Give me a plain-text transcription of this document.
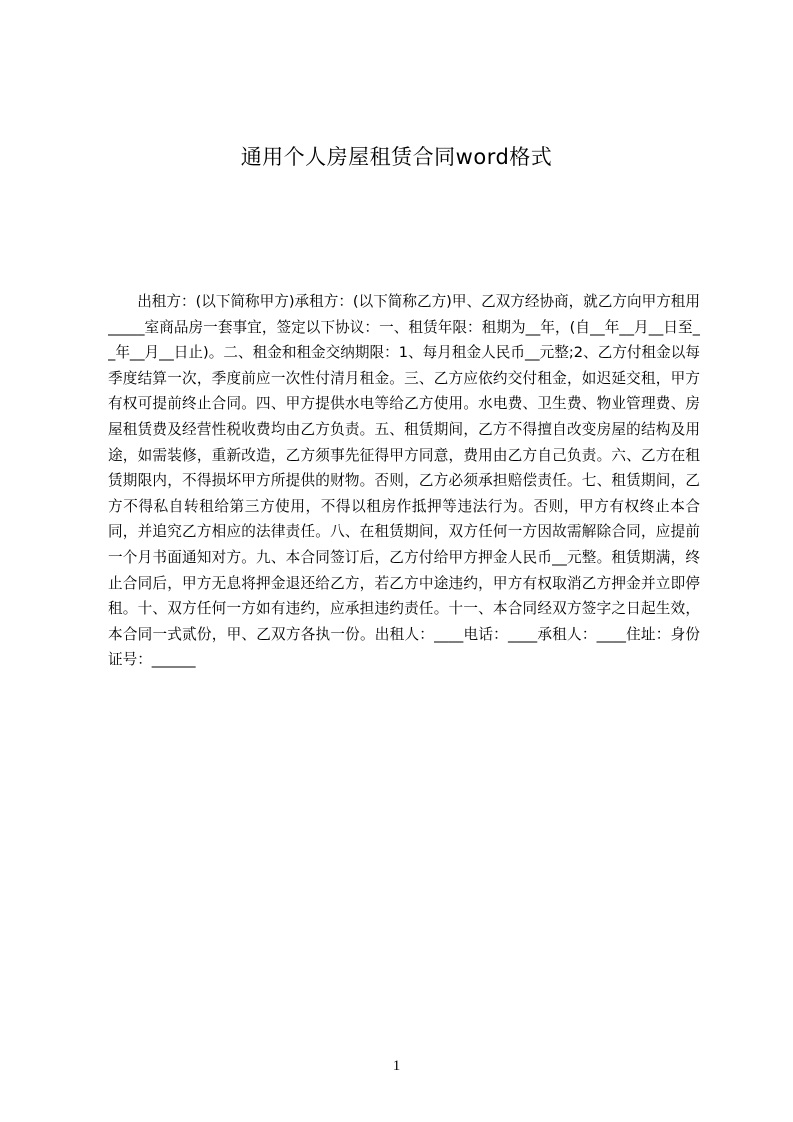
通用个人房屋租赁合同word格式

出租方：(以下简称甲方)承租方：(以下简称乙方)甲、乙双方经协商，就乙方向甲方租用_____室商品房一套事宜，签定以下协议：一、租赁年限：租期为__年，(自__年__月__日至__年__月__日止)。二、租金和租金交纳期限：1、每月租金人民币__元整;2、乙方付租金以每季度结算一次，季度前应一次性付清月租金。三、乙方应依约交付租金，如迟延交租，甲方有权可提前终止合同。四、甲方提供水电等给乙方使用。水电费、卫生费、物业管理费、房屋租赁费及经营性税收费均由乙方负责。五、租赁期间，乙方不得擅自改变房屋的结构及用途，如需装修，重新改造，乙方须事先征得甲方同意，费用由乙方自己负责。六、乙方在租赁期限内，不得损坏甲方所提供的财物。否则，乙方必须承担赔偿责任。七、租赁期间，乙方不得私自转租给第三方使用，不得以租房作抵押等违法行为。否则，甲方有权终止本合同，并追究乙方相应的法律责任。八、在租赁期间，双方任何一方因故需解除合同，应提前一个月书面通知对方。九、本合同签订后，乙方付给甲方押金人民币__元整。租赁期满，终止合同后，甲方无息将押金退还给乙方，若乙方中途违约，甲方有权取消乙方押金并立即停租。十、双方任何一方如有违约，应承担违约责任。十一、本合同经双方签字之日起生效，本合同一式贰份，甲、乙双方各执一份。出租人：____电话：____承租人：____住址：身份证号：______

1
